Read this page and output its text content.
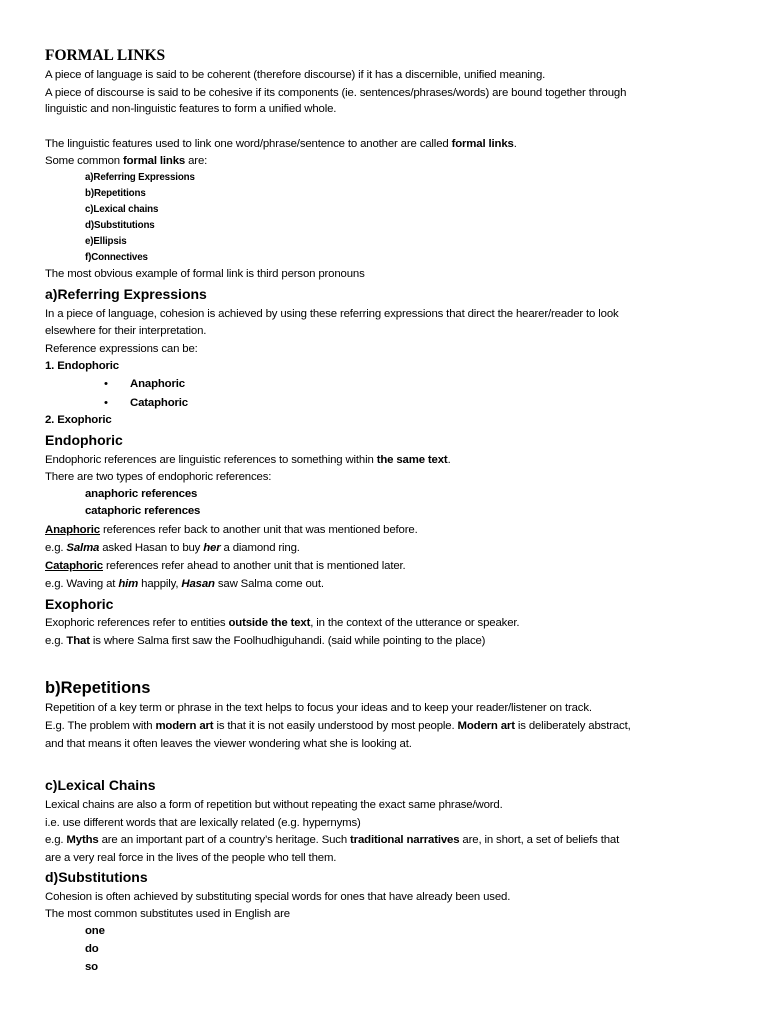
FORMAL LINKS
A piece of language is said to be coherent (therefore discourse) if it has a discernible, unified meaning.
A piece of discourse is said to be cohesive if its components (ie. sentences/phrases/words) are bound together through
linguistic and non-linguistic features to form a unified whole.
The linguistic features used to link one word/phrase/sentence to another are called formal links.
Some common formal links are:
a)Referring Expressions
b)Repetitions
c)Lexical chains
d)Substitutions
e)Ellipsis
f)Connectives
The most obvious example of formal link is third person pronouns
a)Referring Expressions
In a piece of language, cohesion is achieved by using these referring expressions that direct the hearer/reader to look
elsewhere for their interpretation.
Reference expressions can be:
1. Endophoric
• Anaphoric
• Cataphoric
2. Exophoric
Endophoric
Endophoric references are linguistic references to something within the same text.
There are two types of endophoric references:
anaphoric references
cataphoric references
Anaphoric references refer back to another unit that was mentioned before.
e.g. Salma asked Hasan to buy her a diamond ring.
Cataphoric references refer ahead to another unit that is mentioned later.
e.g. Waving at him happily, Hasan saw Salma come out.
Exophoric
Exophoric references refer to entities outside the text, in the context of the utterance or speaker.
e.g. That is where Salma first saw the Foolhudhiguhandi. (said while pointing to the place)
b)Repetitions
Repetition of a key term or phrase in the text helps to focus your ideas and to keep your reader/listener on track.
E.g. The problem with modern art is that it is not easily understood by most people. Modern art is deliberately abstract,
and that means it often leaves the viewer wondering what she is looking at.
c)Lexical Chains
Lexical chains are also a form of repetition but without repeating the exact same phrase/word.
i.e. use different words that are lexically related (e.g. hypernyms)
e.g. Myths are an important part of a country’s heritage. Such traditional narratives are, in short, a set of beliefs that
are a very real force in the lives of the people who tell them.
d)Substitutions
Cohesion is often achieved by substituting special words for ones that have already been used.
The most common substitutes used in English are
one
do
so
